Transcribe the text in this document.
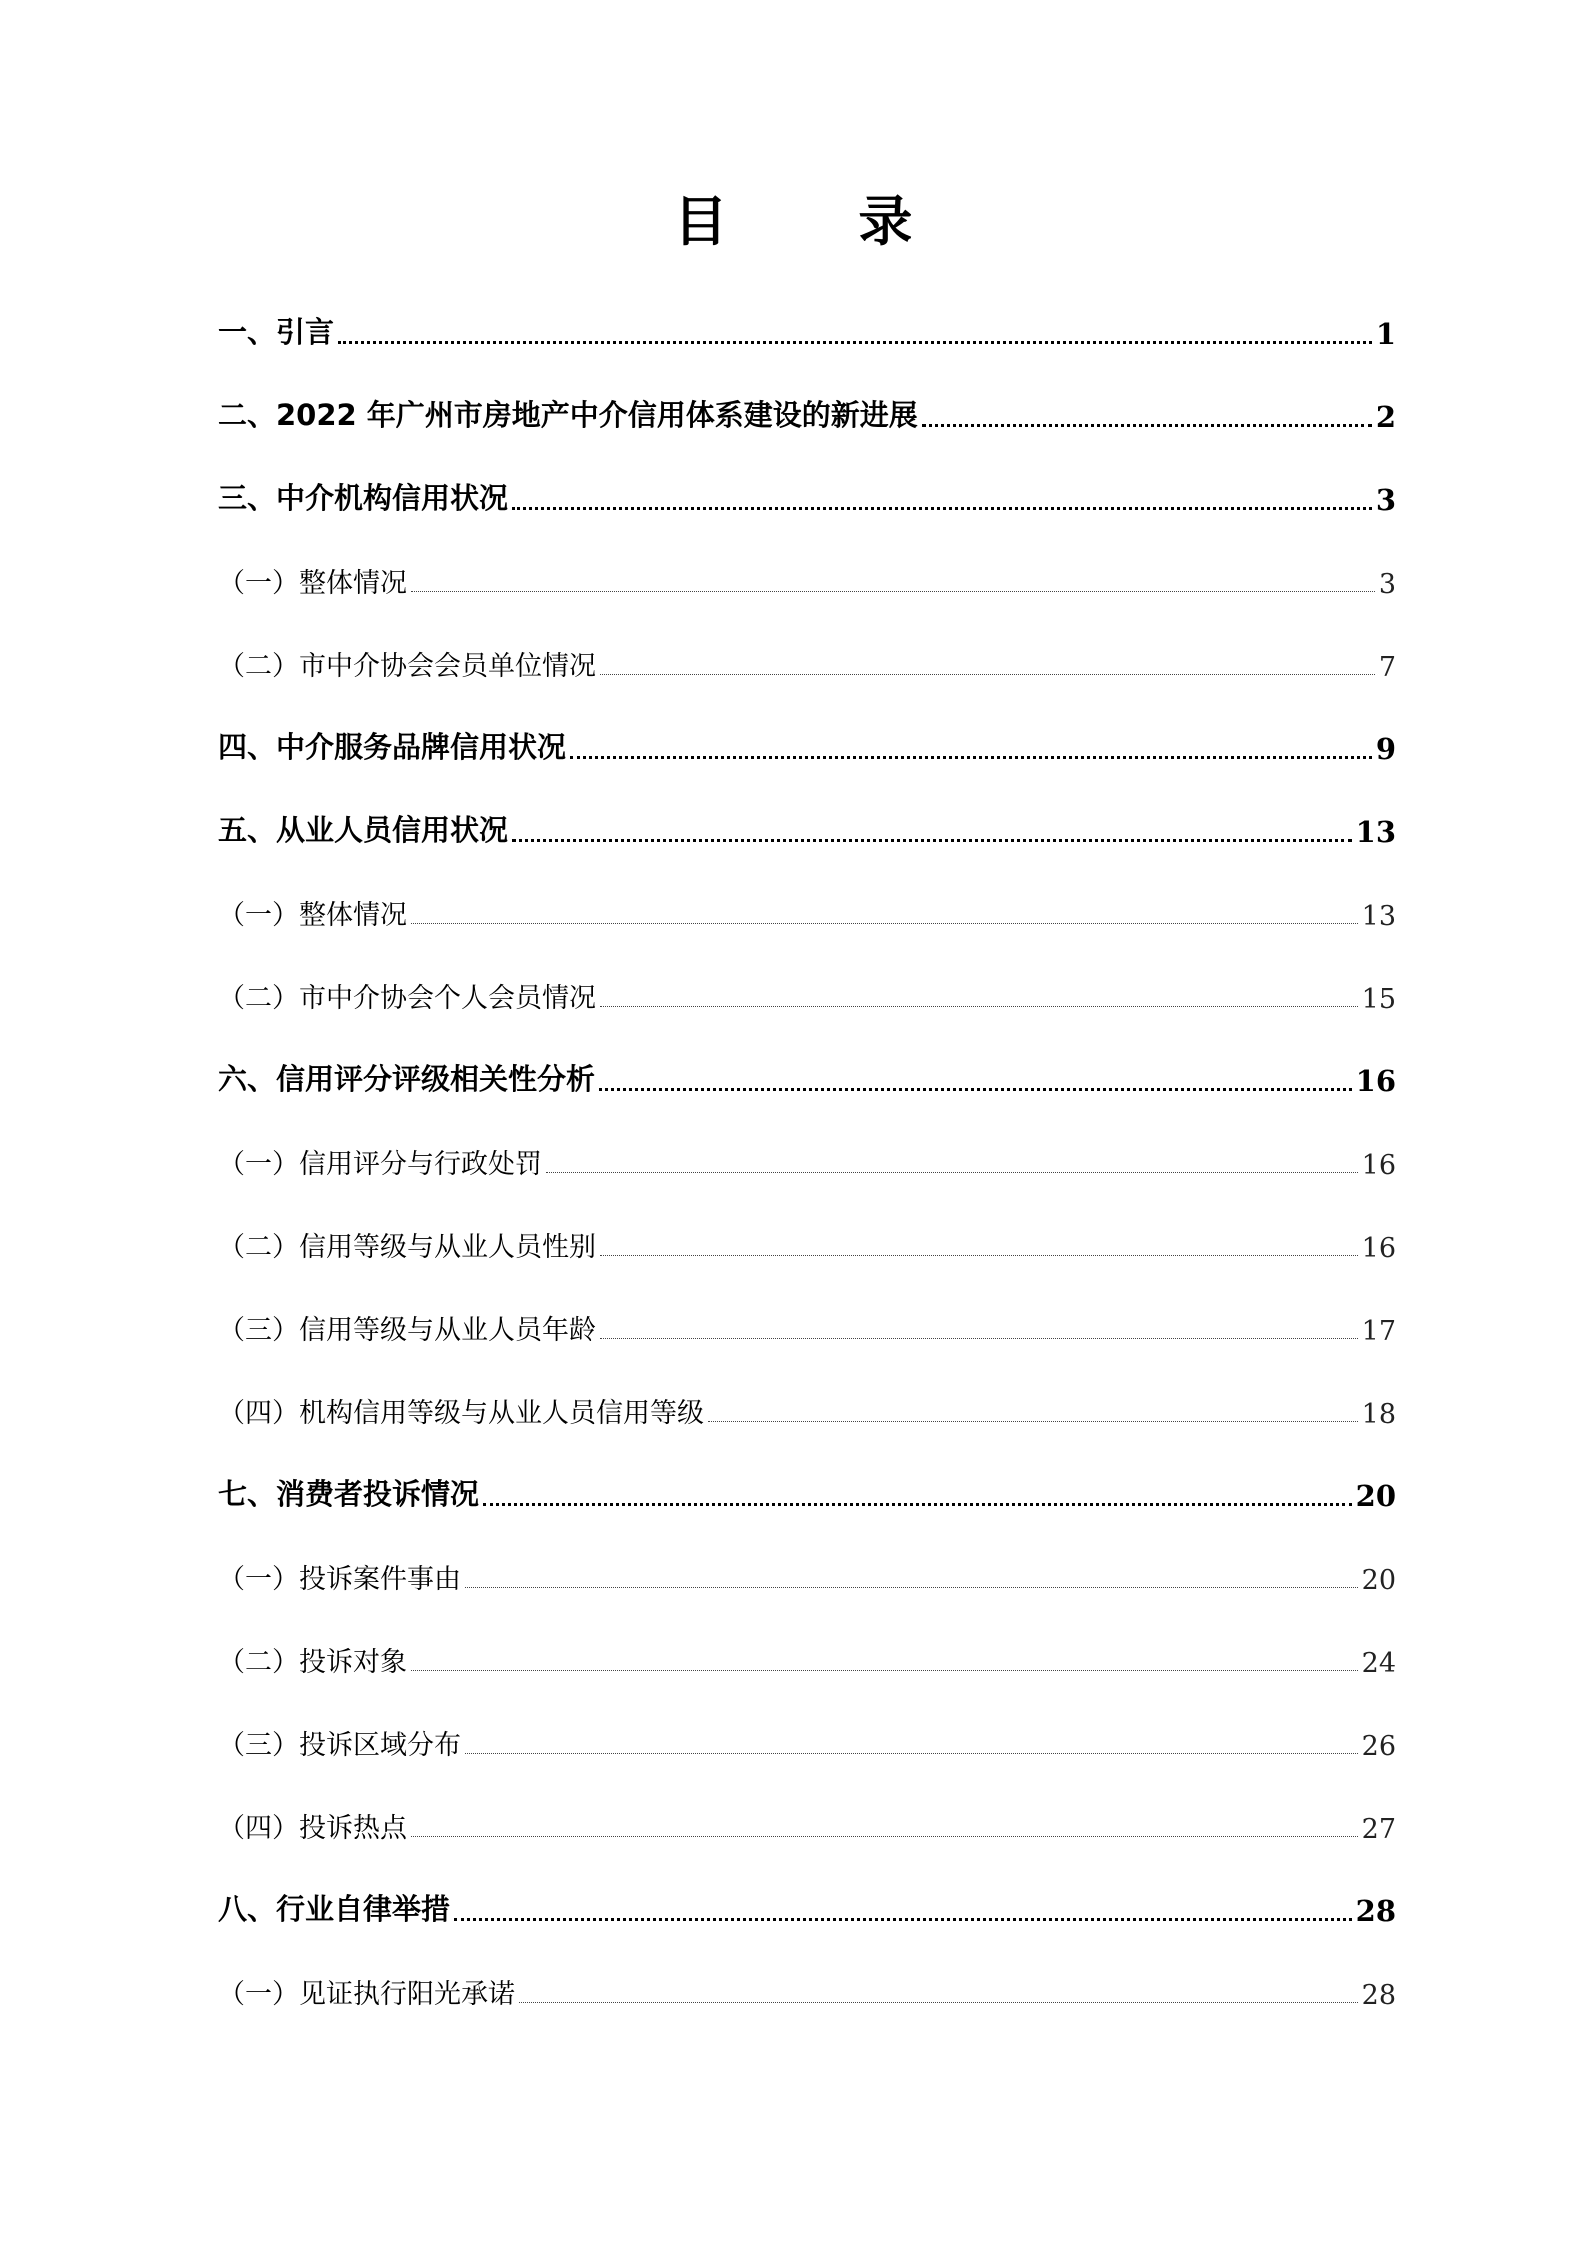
目 录
一、引言	1
二、2022 年广州市房地产中介信用体系建设的新进展	2
三、中介机构信用状况	3
（一）整体情况	3
（二）市中介协会会员单位情况	7
四、中介服务品牌信用状况	9
五、从业人员信用状况	13
（一）整体情况	13
（二）市中介协会个人会员情况	15
六、信用评分评级相关性分析	16
（一）信用评分与行政处罚	16
（二）信用等级与从业人员性别	16
（三）信用等级与从业人员年龄	17
（四）机构信用等级与从业人员信用等级	18
七、消费者投诉情况	20
（一）投诉案件事由	20
（二）投诉对象	24
（三）投诉区域分布	26
（四）投诉热点	27
八、行业自律举措	28
（一）见证执行阳光承诺	28
